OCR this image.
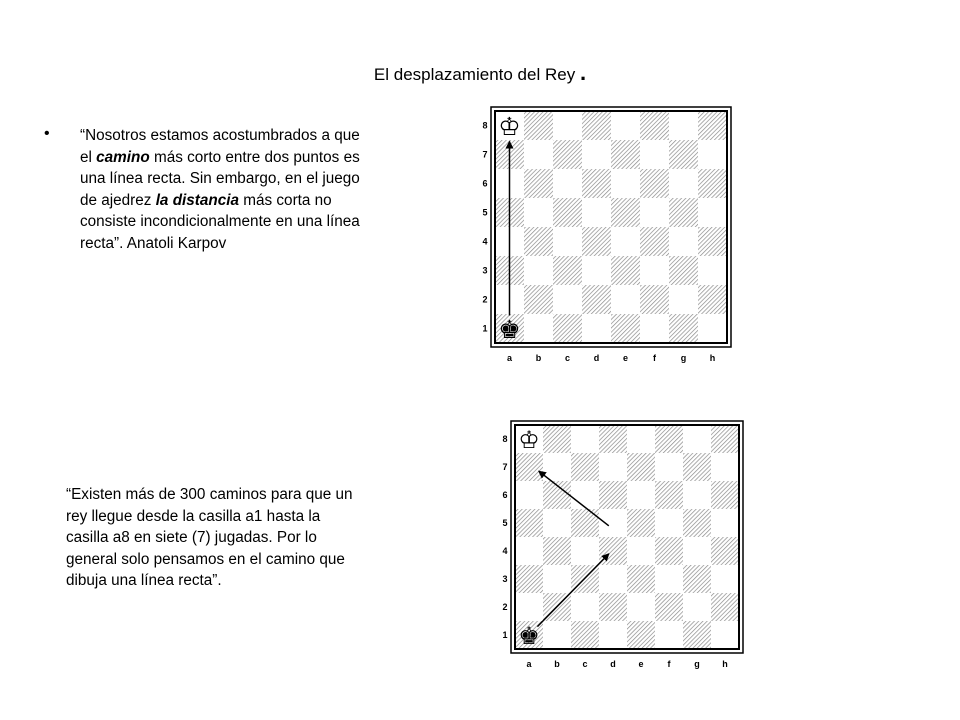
El desplazamiento del Rey .
• “Nosotros estamos acostumbrados a que el camino más corto entre dos puntos es una línea recta. Sin embargo, en el juego de ajedrez la distancia más corta no consiste incondicionalmente en una línea recta”. Anatoli Karpov
“Existen más de 300 caminos para que un rey llegue desde la casilla a1 hasta la casilla a8 en siete (7) jugadas. Por lo general solo pensamos en el camino que dibuja una línea recta”.
8
7
6
5
4
3
2
1
a	b	c	d	e	f	g	h
♔
♚
8
7
6
5
4
3
2
1
a	b	c	d	e	f	g	h
♔
♚
